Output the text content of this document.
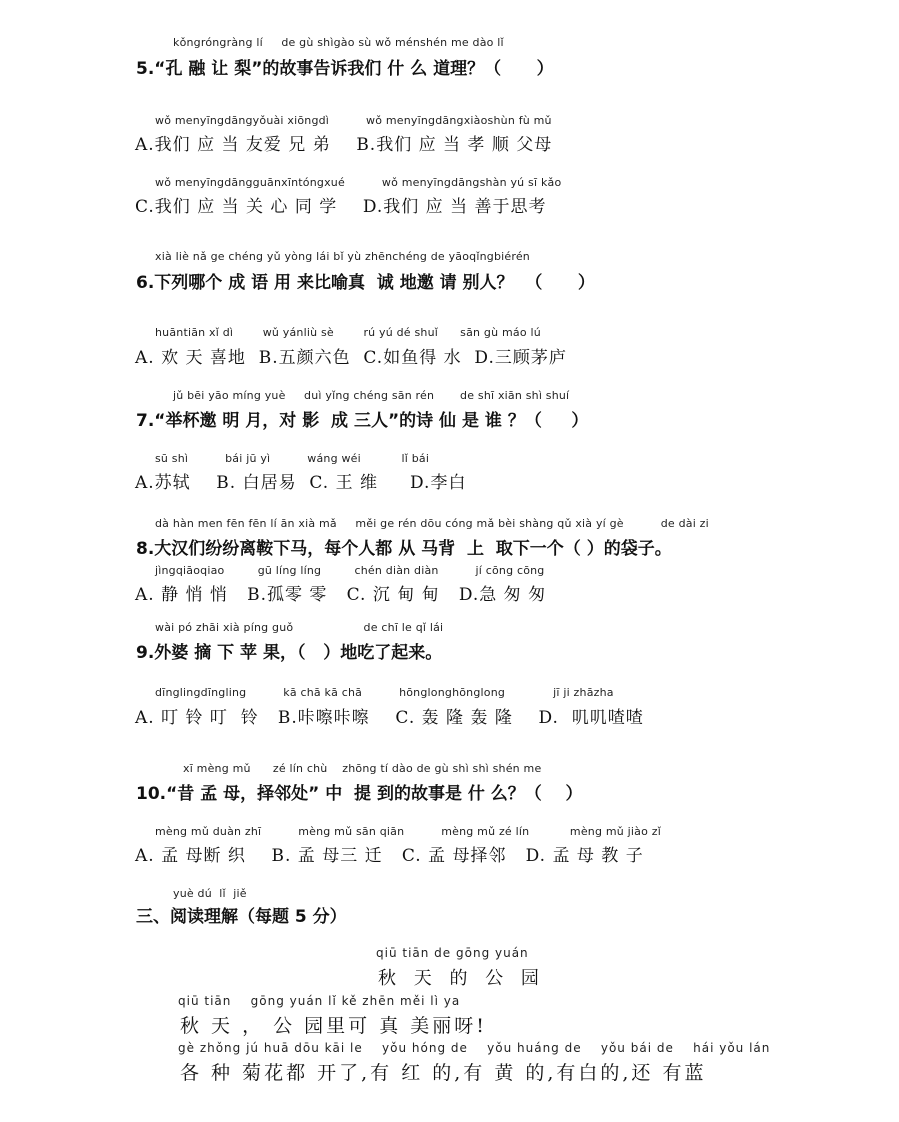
kǒngróngràng lí     de gù shìgào sù wǒ ménshén me dào lǐ
5.“孔 融 让 梨”的故事告诉我们 什 么 道理？（      ）
wǒ menyīngdāngyǒuài xiōngdì          wǒ menyīngdāngxiàoshùn fù mǔ
A.我们 应 当 友爱 兄 弟    B.我们 应 当 孝 顺 父母
wǒ menyīngdāngguānxīntóngxué          wǒ menyīngdāngshàn yú sī kǎo
C.我们 应 当 关 心 同 学    D.我们 应 当 善于思考
xià liè nǎ ge chéng yǔ yòng lái bǐ yù zhēnchéng de yāoqǐngbiérén
6.下列哪个 成 语 用 来比喻真  诚 地邀 请 别人？  （      ）
huāntiān xǐ dì        wǔ yánliù sè        rú yú dé shuǐ      sān gù máo lú
A. 欢 天 喜地  B.五颜六色  C.如鱼得 水  D.三顾茅庐
jǔ bēi yāo míng yuè     duì yǐng chéng sān rén       de shī xiān shì shuí
7.“举杯邀 明 月，对 影  成 三人”的诗 仙 是 谁 ？（     ）
sū shì          bái jū yì          wáng wéi           lǐ bái
A.苏轼    B. 白居易  C. 王 维     D.李白
dà hàn men fēn fēn lí ān xià mǎ     měi ge rén dōu cóng mǎ bèi shàng qǔ xià yí gè          de dài zi
8.大汉们纷纷离鞍下马，每个人都 从 马背  上  取下一个（ ）的袋子。
jìngqiāoqiao         gū líng líng         chén diàn diàn          jí cōng cōng
A. 静 悄 悄   B.孤零 零   C. 沉 甸 甸   D.急 匆 匆
wài pó zhāi xià píng guǒ                   de chī le qǐ lái
9.外婆 摘 下 苹 果，（   ）地吃了起来。
dīnglingdīngling          kā chā kā chā          hōnglonghōnglong             jī ji zhāzha
A. 叮 铃 叮  铃   B.咔嚓咔嚓    C. 轰 隆 轰 隆    D.  叽叽喳喳
xī mèng mǔ      zé lín chù    zhōng tí dào de gù shì shì shén me
10.“昔 孟 母，择邻处” 中  提 到的故事是 什 么？（    ）
mèng mǔ duàn zhī          mèng mǔ sān qiān          mèng mǔ zé lín           mèng mǔ jiào zǐ
A. 孟 母断 织    B. 孟 母三 迁   C. 孟 母择邻   D. 孟 母 教 子
yuè dú  lǐ  jiě
三、阅读理解（每题 5 分）
qiū tiān de gōng yuán
秋 天 的 公 园
qiū tiān    gōng yuán lǐ kě zhēn měi lì ya
秋 天 ， 公 园里可 真 美丽呀!
gè zhǒng jú huā dōu kāi le    yǒu hóng de    yǒu huáng de    yǒu bái de    hái yǒu lán
各 种 菊花都 开了,有 红 的,有 黄 的,有白的,还 有蓝
